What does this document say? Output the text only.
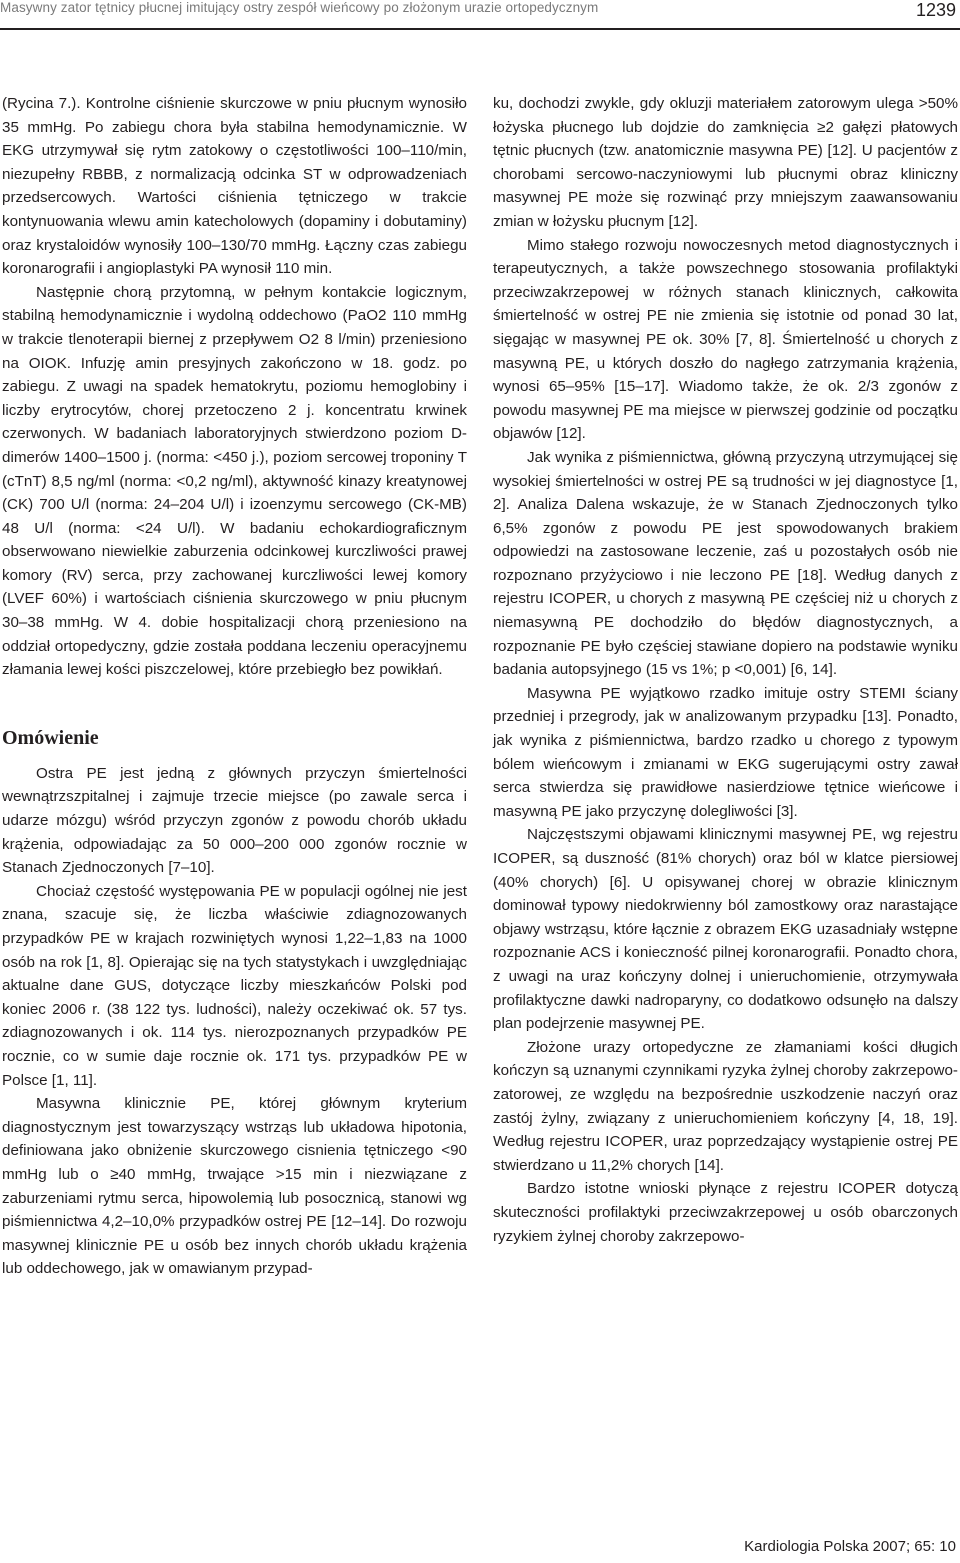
Masywny zator tętnicy płucnej imitujący ostry zespół wieńcowy po złożonym urazie ortopedycznym	1239

(Rycina 7.). Kontrolne ciśnienie skurczowe w pniu płucnym wynosiło 35 mmHg. Po zabiegu chora była stabilna hemodynamicznie. W EKG utrzymywał się rytm zatokowy o częstotliwości 100–110/min, niezupełny RBBB, z normalizacją odcinka ST w odprowadzeniach przedsercowych. Wartości ciśnienia tętniczego w trakcie kontynuowania wlewu amin katecholowych (dopaminy i dobutaminy) oraz krystaloidów wynosiły 100–130/70 mmHg. Łączny czas zabiegu koronarografii i angioplastyki PA wynosił 110 min.

Następnie chorą przytomną, w pełnym kontakcie logicznym, stabilną hemodynamicznie i wydolną oddechowo (PaO2 110 mmHg w trakcie tlenoterapii biernej z przepływem O2 8 l/min) przeniesiono na OIOK. Infuzję amin presyjnych zakończono w 18. godz. po zabiegu. Z uwagi na spadek hematokrytu, poziomu hemoglobiny i liczby erytrocytów, chorej przetoczeno 2 j. koncentratu krwinek czerwonych. W badaniach laboratoryjnych stwierdzono poziom D-dimerów 1400–1500 j. (norma: <450 j.), poziom sercowej troponiny T (cTnT) 8,5 ng/ml (norma: <0,2 ng/ml), aktywność kinazy kreatynowej (CK) 700 U/l (norma: 24–204 U/l) i izoenzymu sercowego (CK-MB) 48 U/l (norma: <24 U/l). W badaniu echokardiograficznym obserwowano niewielkie zaburzenia odcinkowej kurczliwości prawej komory (RV) serca, przy zachowanej kurczliwości lewej komory (LVEF 60%) i wartościach ciśnienia skurczowego w pniu płucnym 30–38 mmHg. W 4. dobie hospitalizacji chorą przeniesiono na oddział ortopedyczny, gdzie została poddana leczeniu operacyjnemu złamania lewej kości piszczelowej, które przebiegło bez powikłań.

Omówienie

Ostra PE jest jedną z głównych przyczyn śmiertelności wewnątrzszpitalnej i zajmuje trzecie miejsce (po zawale serca i udarze mózgu) wśród przyczyn zgonów z powodu chorób układu krążenia, odpowiadając za 50 000–200 000 zgonów rocznie w Stanach Zjednoczonych [7–10].

Chociaż częstość występowania PE w populacji ogólnej nie jest znana, szacuje się, że liczba właściwie zdiagnozowanych przypadków PE w krajach rozwiniętych wynosi 1,22–1,83 na 1000 osób na rok [1, 8]. Opierając się na tych statystykach i uwzględniając aktualne dane GUS, dotyczące liczby mieszkańców Polski pod koniec 2006 r. (38 122 tys. ludności), należy oczekiwać ok. 57 tys. zdiagnozowanych i ok. 114 tys. nierozpoznanych przypadków PE rocznie, co w sumie daje rocznie ok. 171 tys. przypadków PE w Polsce [1, 11].

Masywna klinicznie PE, której głównym kryterium diagnostycznym jest towarzyszący wstrząs lub układowa hipotonia, definiowana jako obniżenie skurczowego cisnienia tętniczego <90 mmHg lub o ≥40 mmHg, trwające >15 min i niezwiązane z zaburzeniami rytmu serca, hipowolemią lub posocznicą, stanowi wg piśmiennictwa 4,2–10,0% przypadków ostrej PE [12–14]. Do rozwoju masywnej klinicznie PE u osób bez innych chorób układu krążenia lub oddechowego, jak w omawianym przypad-

ku, dochodzi zwykle, gdy okluzji materiałem zatorowym ulega >50% łożyska płucnego lub dojdzie do zamknięcia ≥2 gałęzi płatowych tętnic płucnych (tzw. anatomicznie masywna PE) [12]. U pacjentów z chorobami sercowo-naczyniowymi lub płucnymi obraz kliniczny masywnej PE może się rozwinąć przy mniejszym zaawansowaniu zmian w łożysku płucnym [12].

Mimo stałego rozwoju nowoczesnych metod diagnostycznych i terapeutycznych, a także powszechnego stosowania profilaktyki przeciwzakrzepowej w różnych stanach klinicznych, całkowita śmiertelność w ostrej PE nie zmienia się istotnie od ponad 30 lat, sięgając w masywnej PE ok. 30% [7, 8]. Śmiertelność u chorych z masywną PE, u których doszło do nagłego zatrzymania krążenia, wynosi 65–95% [15–17]. Wiadomo także, że ok. 2/3 zgonów z powodu masywnej PE ma miejsce w pierwszej godzinie od początku objawów [12].

Jak wynika z piśmiennictwa, główną przyczyną utrzymującej się wysokiej śmiertelności w ostrej PE są trudności w jej diagnostyce [1, 2]. Analiza Dalena wskazuje, że w Stanach Zjednoczonych tylko 6,5% zgonów z powodu PE jest spowodowanych brakiem odpowiedzi na zastosowane leczenie, zaś u pozostałych osób nie rozpoznano przyżyciowo i nie leczono PE [18]. Według danych z rejestru ICOPER, u chorych z masywną PE częściej niż u chorych z niemasywną PE dochodziło do błędów diagnostycznych, a rozpoznanie PE było częściej stawiane dopiero na podstawie wyniku badania autopsyjnego (15 vs 1%; p <0,001) [6, 14].

Masywna PE wyjątkowo rzadko imituje ostry STEMI ściany przedniej i przegrody, jak w analizowanym przypadku [13]. Ponadto, jak wynika z piśmiennictwa, bardzo rzadko u chorego z typowym bólem wieńcowym i zmianami w EKG sugerującymi ostry zawał serca stwierdza się prawidłowe nasierdziowe tętnice wieńcowe i masywną PE jako przyczynę dolegliwości [3].

Najczęstszymi objawami klinicznymi masywnej PE, wg rejestru ICOPER, są duszność (81% chorych) oraz ból w klatce piersiowej (40% chorych) [6]. U opisywanej chorej w obrazie klinicznym dominował typowy niedokrwienny ból zamostkowy oraz narastające objawy wstrząsu, które łącznie z obrazem EKG uzasadniały wstępne rozpoznanie ACS i konieczność pilnej koronarografii. Ponadto chora, z uwagi na uraz kończyny dolnej i unieruchomienie, otrzymywała profilaktyczne dawki nadroparyny, co dodatkowo odsunęło na dalszy plan podejrzenie masywnej PE.

Złożone urazy ortopedyczne ze złamaniami kości długich kończyn są uznanymi czynnikami ryzyka żylnej choroby zakrzepowo-zatorowej, ze względu na bezpośrednie uszkodzenie naczyń oraz zastój żylny, związany z unieruchomieniem kończyny [4, 18, 19]. Według rejestru ICOPER, uraz poprzedzający wystąpienie ostrej PE stwierdzano u 11,2% chorych [14].

Bardzo istotne wnioski płynące z rejestru ICOPER dotyczą skuteczności profilaktyki przeciwzakrzepowej u osób obarczonych ryzykiem żylnej choroby zakrzepowo-

Kardiologia Polska 2007; 65: 10
